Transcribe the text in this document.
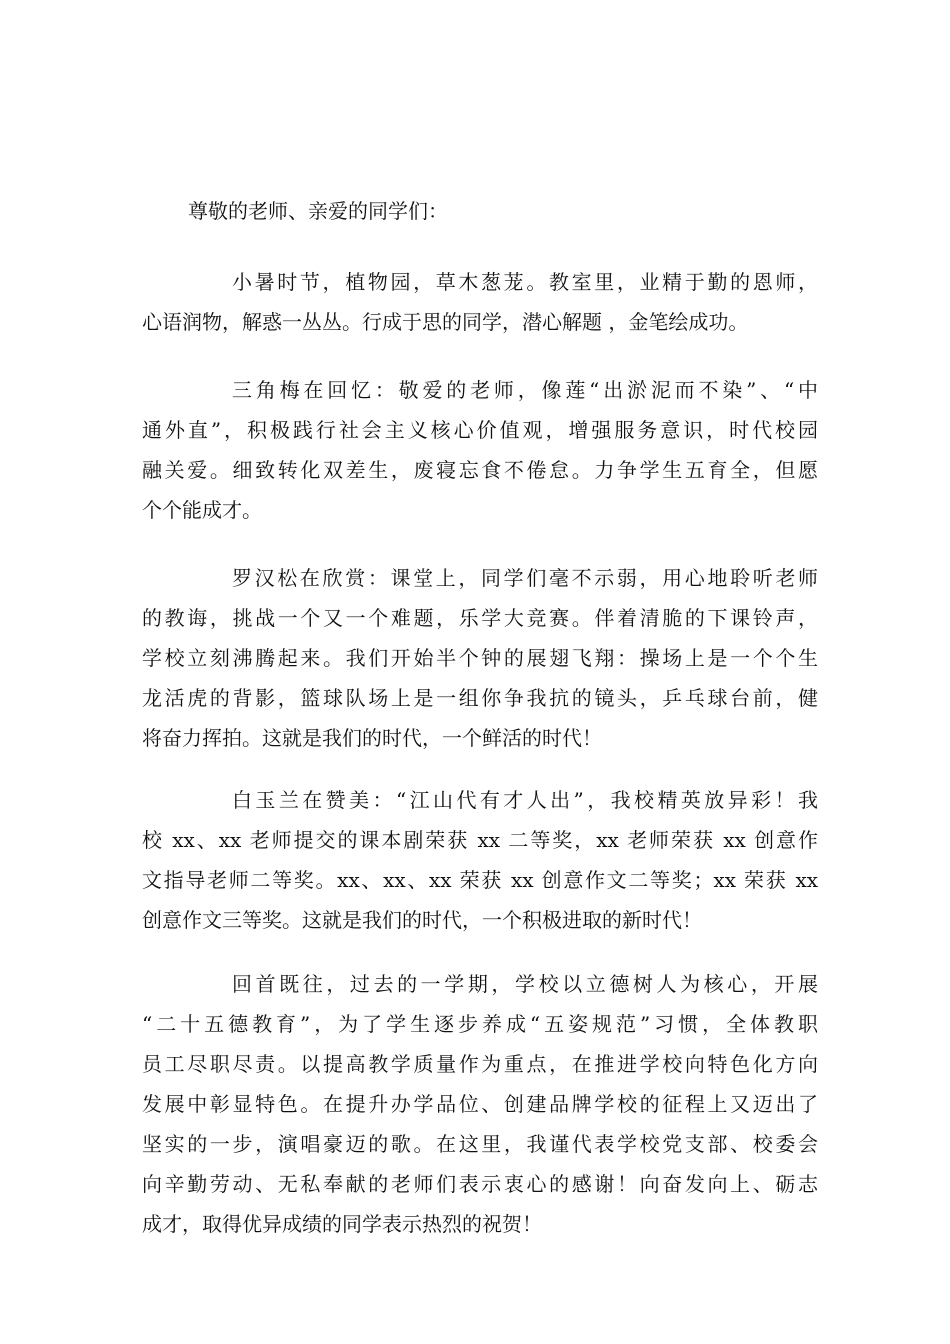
尊敬的老师、亲爱的同学们：
小暑时节，植物园，草木葱茏。教室里，业精于勤的恩师，
心语润物，解惑一丛丛。行成于思的同学，潜心解题 ，金笔绘成功。
三角梅在回忆：敬爱的老师，像莲“出淤泥而不染”、“中
通外直”，积极践行社会主义核心价值观，增强服务意识，时代校园
融关爱。细致转化双差生，废寝忘食不倦怠。力争学生五育全，但愿
个个能成才。
罗汉松在欣赏：课堂上，同学们毫不示弱，用心地聆听老师
的教诲，挑战一个又一个难题，乐学大竞赛。伴着清脆的下课铃声，
学校立刻沸腾起来。我们开始半个钟的展翅飞翔：操场上是一个个生
龙活虎的背影，篮球队场上是一组你争我抗的镜头，乒乓球台前，健
将奋力挥拍。这就是我们的时代，一个鲜活的时代！
白玉兰在赞美：“江山代有才人出”，我校精英放异彩！我
校 xx、xx 老师提交的课本剧荣获 xx 二等奖，xx 老师荣获 xx 创意作
文指导老师二等奖。xx、xx、xx 荣获 xx 创意作文二等奖；xx 荣获 xx
创意作文三等奖。这就是我们的时代，一个积极进取的新时代！
回首既往，过去的一学期，学校以立德树人为核心，开展
“二十五德教育”，为了学生逐步养成“五姿规范”习惯，全体教职
员工尽职尽责。以提高教学质量作为重点，在推进学校向特色化方向
发展中彰显特色。在提升办学品位、创建品牌学校的征程上又迈出了
坚实的一步，演唱豪迈的歌。在这里，我谨代表学校党支部、校委会
向辛勤劳动、无私奉献的老师们表示衷心的感谢！向奋发向上、砺志
成才，取得优异成绩的同学表示热烈的祝贺！
